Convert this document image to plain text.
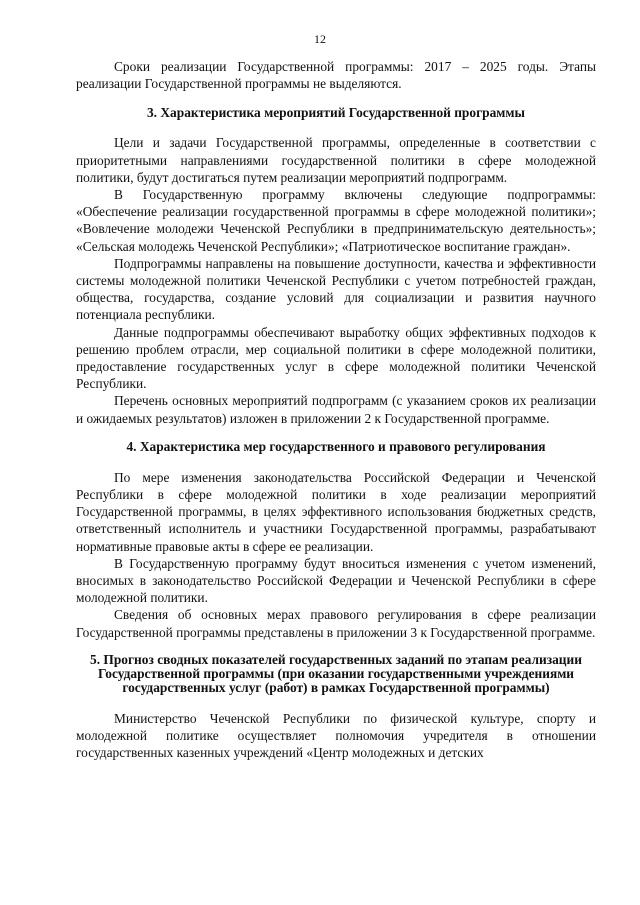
12

Сроки реализации Государственной программы: 2017 – 2025 годы. Этапы реализации Государственной программы не выделяются.

3. Характеристика мероприятий Государственной программы

Цели и задачи Государственной программы, определенные в соответствии с приоритетными направлениями государственной политики в сфере молодежной политики, будут достигаться путем реализации мероприятий подпрограмм.

В Государственную программу включены следующие подпрограммы: «Обеспечение реализации государственной программы в сфере молодежной политики»; «Вовлечение молодежи Чеченской Республики в предпринимательскую деятельность»; «Сельская молодежь Чеченской Республики»; «Патриотическое воспитание граждан».

Подпрограммы направлены на повышение доступности, качества и эффективности системы молодежной политики Чеченской Республики с учетом потребностей граждан, общества, государства, создание условий для социализации и развития научного потенциала республики.

Данные подпрограммы обеспечивают выработку общих эффективных подходов к решению проблем отрасли, мер социальной политики в сфере молодежной политики, предоставление государственных услуг в сфере молодежной политики Чеченской Республики.

Перечень основных мероприятий подпрограмм (с указанием сроков их реализации и ожидаемых результатов) изложен в приложении 2 к Государственной программе.

4. Характеристика мер государственного и правового регулирования

По мере изменения законодательства Российской Федерации и Чеченской Республики в сфере молодежной политики в ходе реализации мероприятий Государственной программы, в целях эффективного использования бюджетных средств, ответственный исполнитель и участники Государственной программы, разрабатывают нормативные правовые акты в сфере ее реализации.

В Государственную программу будут вноситься изменения с учетом изменений, вносимых в законодательство Российской Федерации и Чеченской Республики в сфере молодежной политики.

Сведения об основных мерах правового регулирования в сфере реализации Государственной программы представлены в приложении 3 к Государственной программе.

5. Прогноз сводных показателей государственных заданий по этапам реализации Государственной программы (при оказании государственными учреждениями государственных услуг (работ) в рамках Государственной программы)

Министерство Чеченской Республики по физической культуре, спорту и молодежной политике осуществляет полномочия учредителя в отношении государственных казенных учреждений «Центр молодежных и детских
